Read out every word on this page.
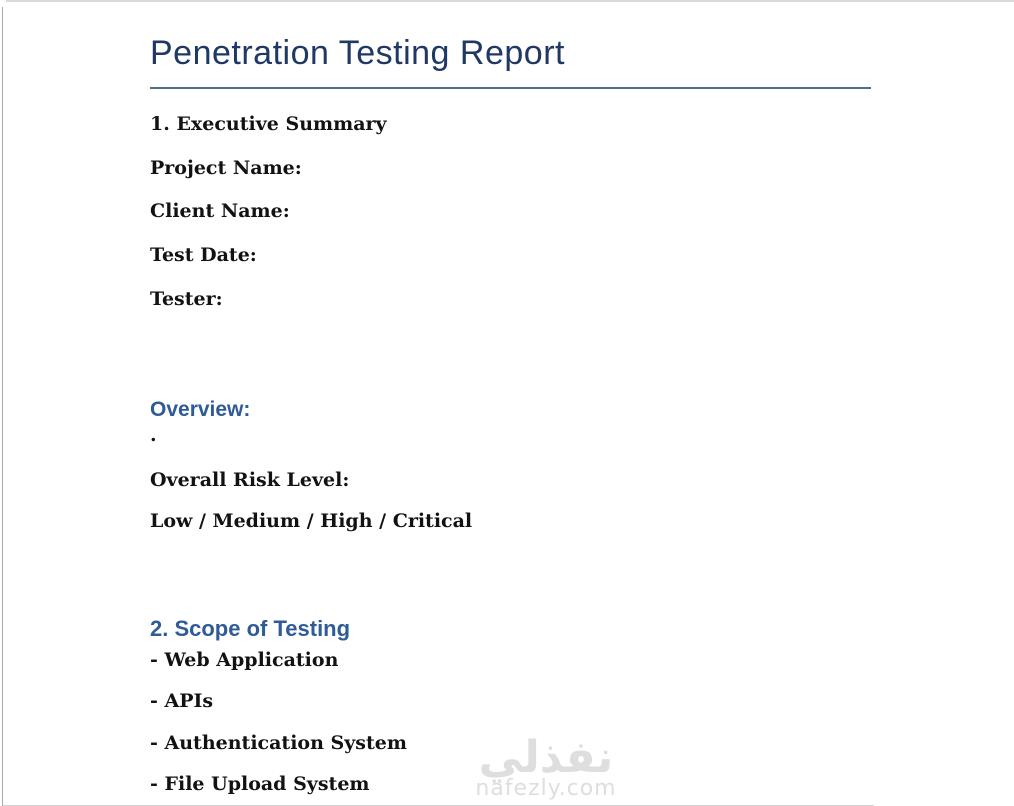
Penetration Testing Report
1. Executive Summary
Project Name:
Client Name:
Test Date:
Tester:
Overview:
.
Overall Risk Level:
Low / Medium / High / Critical
2. Scope of Testing
- Web Application
- APIs
- Authentication System
- File Upload System
نفذلي
nafezly.com
